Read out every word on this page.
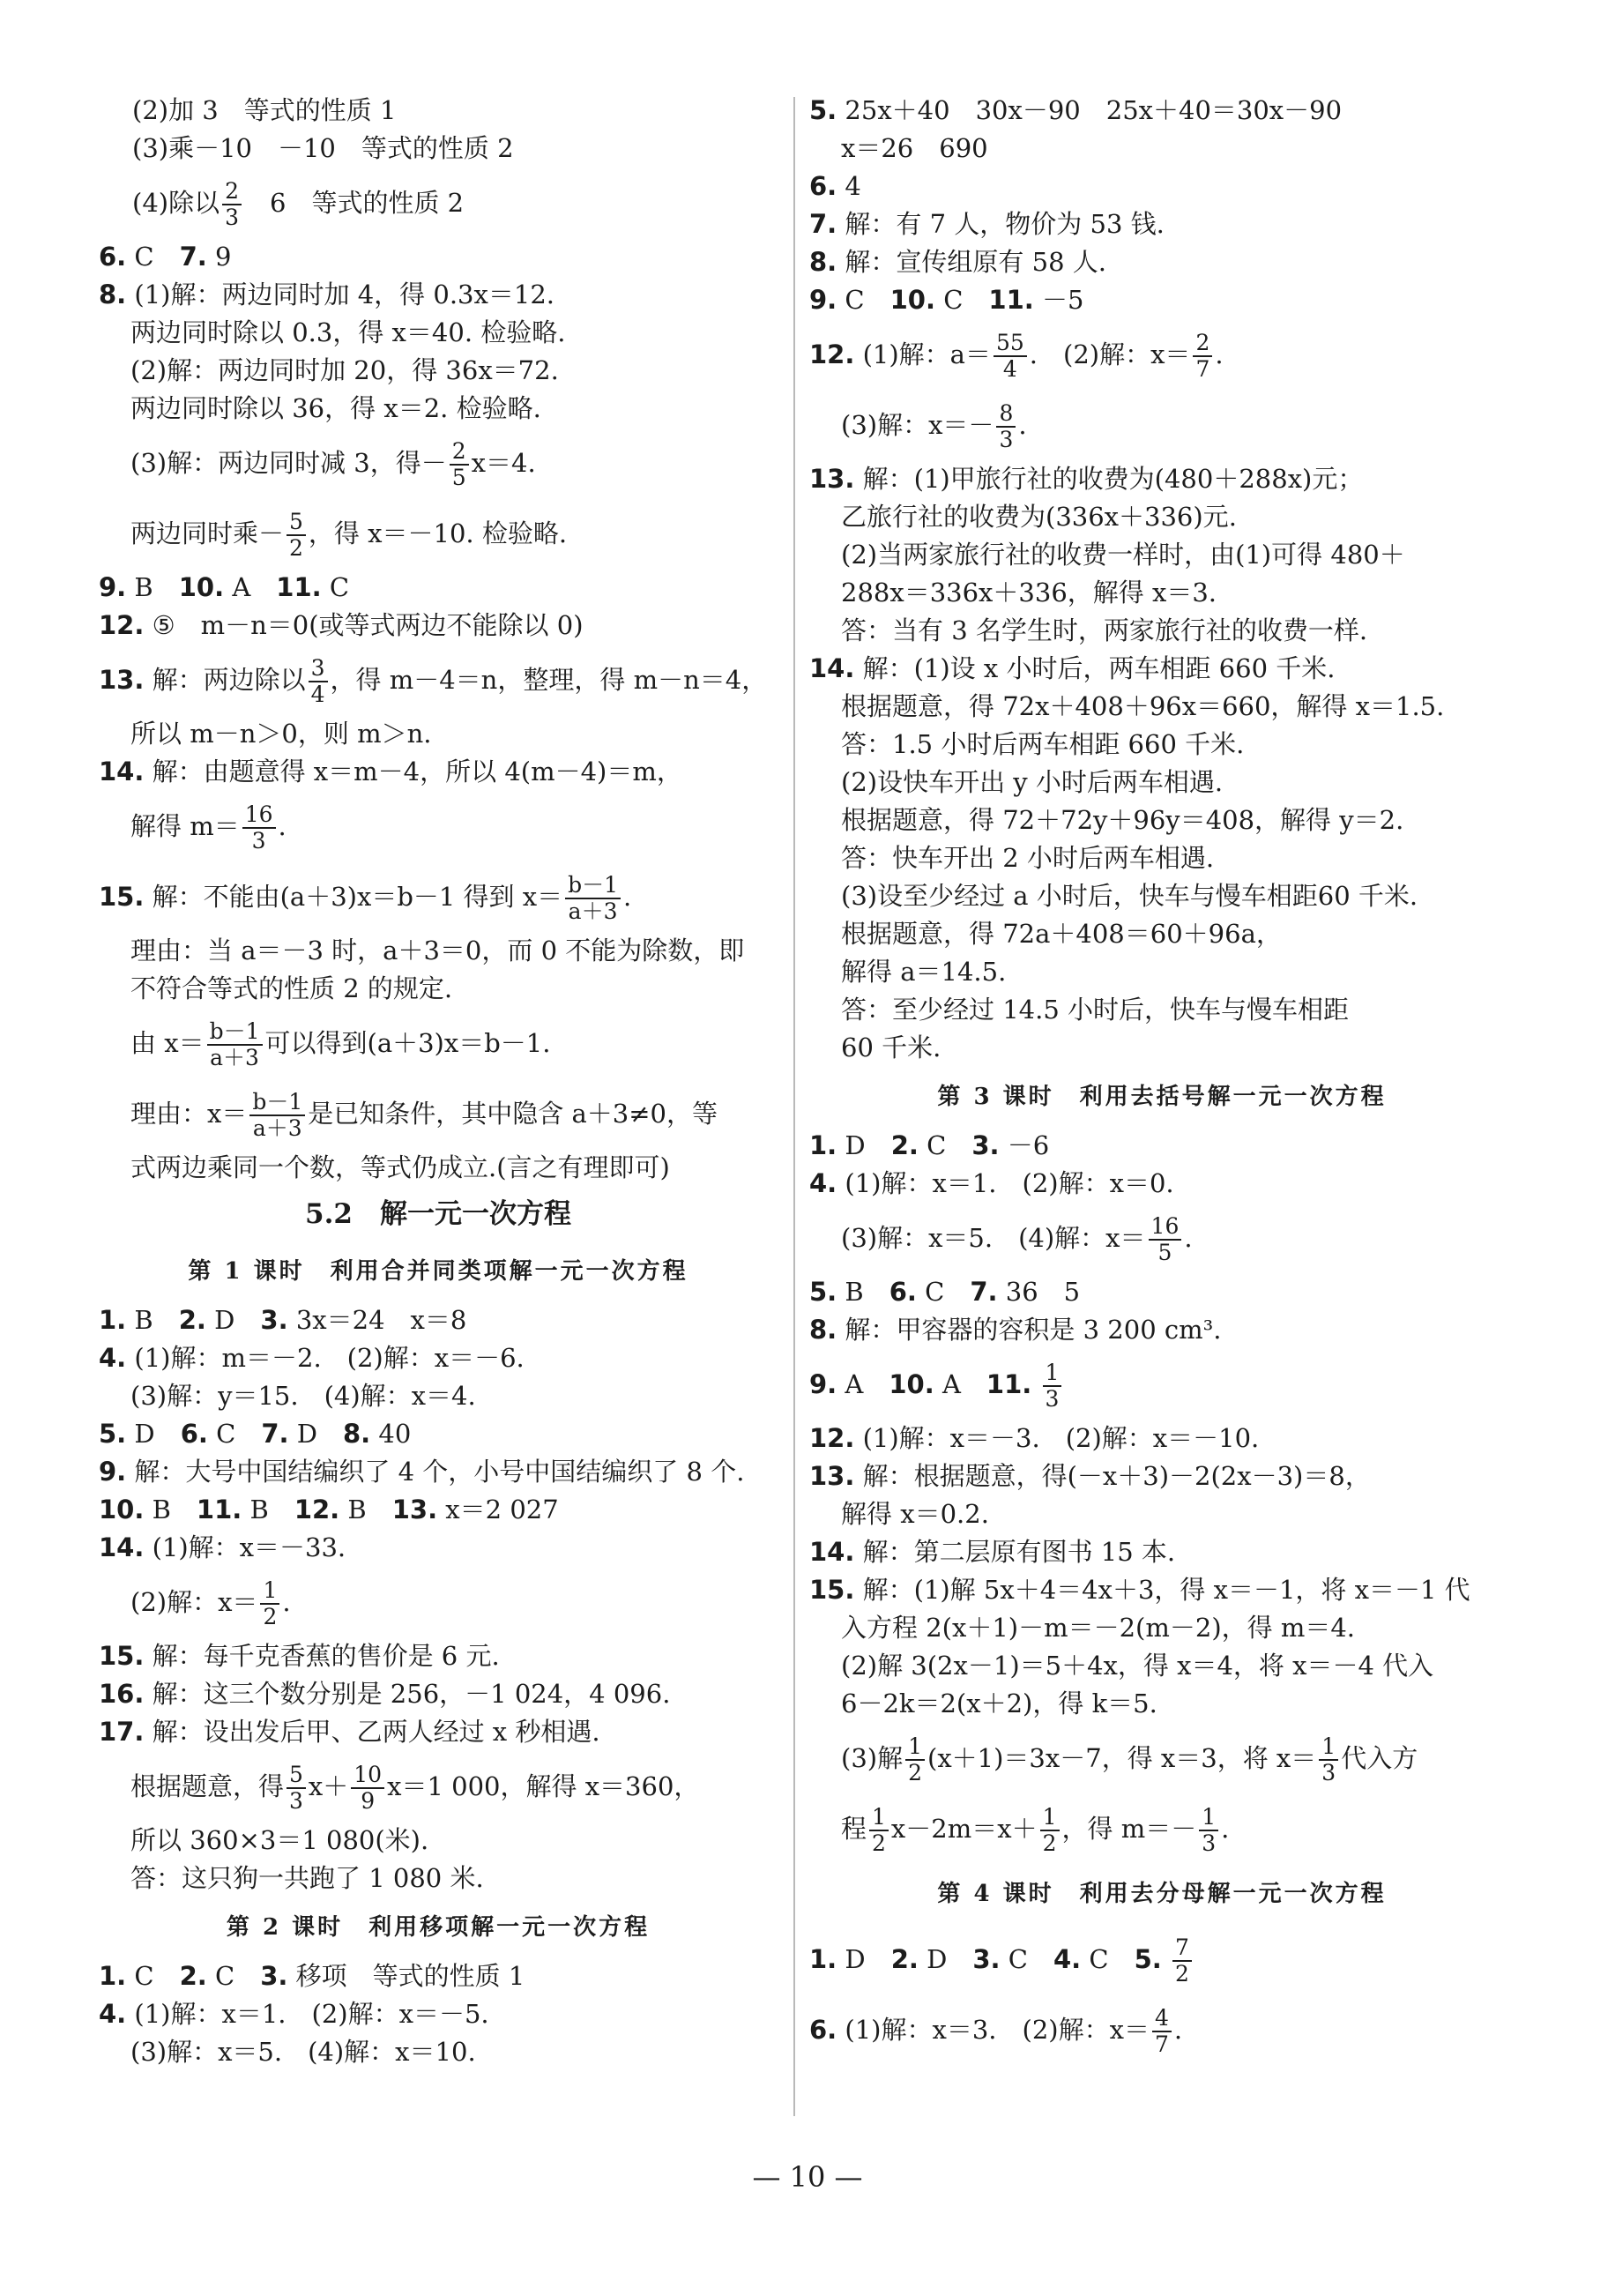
(2)加 3　等式的性质 1
(3)乘－10　－10　等式的性质 2
(4)除以 $\frac{2}{3}$ 　6　等式的性质 2
6. C　7. 9
8. (1)解：两边同时加 4，得 0.3x＝12.
两边同时除以 0.3，得 x＝40. 检验略.
(2)解：两边同时加 20，得 36x＝72.
两边同时除以 36，得 x＝2. 检验略.
(3)解：两边同时减 3，得－ $\frac{2}{5} x=4$.
两边同时乘－ $\frac{5}{2}$ ，得 x＝－10. 检验略.
9. B　10. A　11. C
12. ⑤　m－n＝0(或等式两边不能除以 0)
13. 解：两边除以 $\frac{3}{4}$ ，得 m－4＝n，整理，得 m－n＝4，
所以 m－n＞0，则 m＞n.
14. 解：由题意得 x＝m－4，所以 4(m－4)＝m，
解得 $m= \frac{16}{3}$ .
15. 解：不能由(a＋3)x＝b－1 得到 $x= \frac{b-1}{a+3}$ .
理由：当 a＝－3 时，a＋3＝0，而 0 不能为除数，即
不符合等式的性质 2 的规定.
由 $x= \frac{b-1}{a+3}$ 可以得到(a＋3)x＝b－1.
理由：$x= \frac{b-1}{a+3}$ 是已知条件，其中隐含 a＋3≠0，等
式两边乘同一个数，等式仍成立.(言之有理即可)
5.2　解一元一次方程
第 1 课时　利用合并同类项解一元一次方程
1. B　2. D　3. 3x＝24　x＝8
4. (1)解：m＝－2.　(2)解：x＝－6.
(3)解：y＝15.　(4)解：x＝4.
5. D　6. C　7. D　8. 40
9. 解：大号中国结编织了 4 个，小号中国结编织了 8 个.
10. B　11. B　12. B　13. x＝2 027
14. (1)解：x＝－33.
(2)解：$x= \frac{1}{2}$ .
15. 解：每千克香蕉的售价是 6 元.
16. 解：这三个数分别是 256，－1 024，4 096.
17. 解：设出发后甲、乙两人经过 x 秒相遇.
根据题意，得 $\frac{5}{3} x+ \frac{10}{9} x=1$ 000，解得 x＝360，
所以 360×3＝1 080(米).
答：这只狗一共跑了 1 080 米.
第 2 课时　利用移项解一元一次方程
1. C　2. C　3. 移项　等式的性质 1
4. (1)解：x＝1.　(2)解：x＝－5.
(3)解：x＝5.　(4)解：x＝10.
5. 25x＋40　30x－90　25x＋40＝30x－90
x＝26　690
6. 4
7. 解：有 7 人，物价为 53 钱.
8. 解：宣传组原有 58 人.
9. C　10. C　11. －5
12. (1)解：$a= \frac{55}{4}$ .　(2)解：$x= \frac{2}{7}$ .
(3)解：$x=- \frac{8}{3}$ .
13. 解：(1)甲旅行社的收费为(480＋288x)元；
乙旅行社的收费为(336x＋336)元.
(2)当两家旅行社的收费一样时，由(1)可得 480＋
288x＝336x＋336，解得 x＝3.
答：当有 3 名学生时，两家旅行社的收费一样.
14. 解：(1)设 x 小时后，两车相距 660 千米.
根据题意，得 72x＋408＋96x＝660，解得 x＝1.5.
答：1.5 小时后两车相距 660 千米.
(2)设快车开出 y 小时后两车相遇.
根据题意，得 72＋72y＋96y＝408，解得 y＝2.
答：快车开出 2 小时后两车相遇.
(3)设至少经过 a 小时后，快车与慢车相距60 千米.
根据题意，得 72a＋408＝60＋96a，
解得 a＝14.5.
答：至少经过 14.5 小时后，快车与慢车相距
60 千米.
第 3 课时　利用去括号解一元一次方程
1. D　2. C　3. －6
4. (1)解：x＝1.　(2)解：x＝0.
(3)解：x＝5.　(4)解：$x= \frac{16}{5}$ .
5. B　6. C　7. 36　5
8. 解：甲容器的容积是 3 200 cm³.
9. A　10. A　11. $\frac{1}{3}$
12. (1)解：x＝－3.　(2)解：x＝－10.
13. 解：根据题意，得(－x＋3)－2(2x－3)＝8，
解得 x＝0.2.
14. 解：第二层原有图书 15 本.
15. 解：(1)解 5x＋4＝4x＋3，得 x＝－1，将 x＝－1 代
入方程 2(x＋1)－m＝－2(m－2)，得 m＝4.
(2)解 3(2x－1)＝5＋4x，得 x＝4，将 x＝－4 代入
6－2k＝2(x＋2)，得 k＝5.
(3)解 $\frac{1}{2} (x+1)=3x-7$，得 x＝3，将 $x= \frac{1}{3}$ 代入方
程 $\frac{1}{2} x-2m=x+ \frac{1}{2}$ ，得 $m=- \frac{1}{3}$ .
第 4 课时　利用去分母解一元一次方程
1. D　2. D　3. C　4. C　5. $\frac{7}{2}$
6. (1)解：x＝3.　(2)解：$x= \frac{4}{7}$ .
— 10 —
